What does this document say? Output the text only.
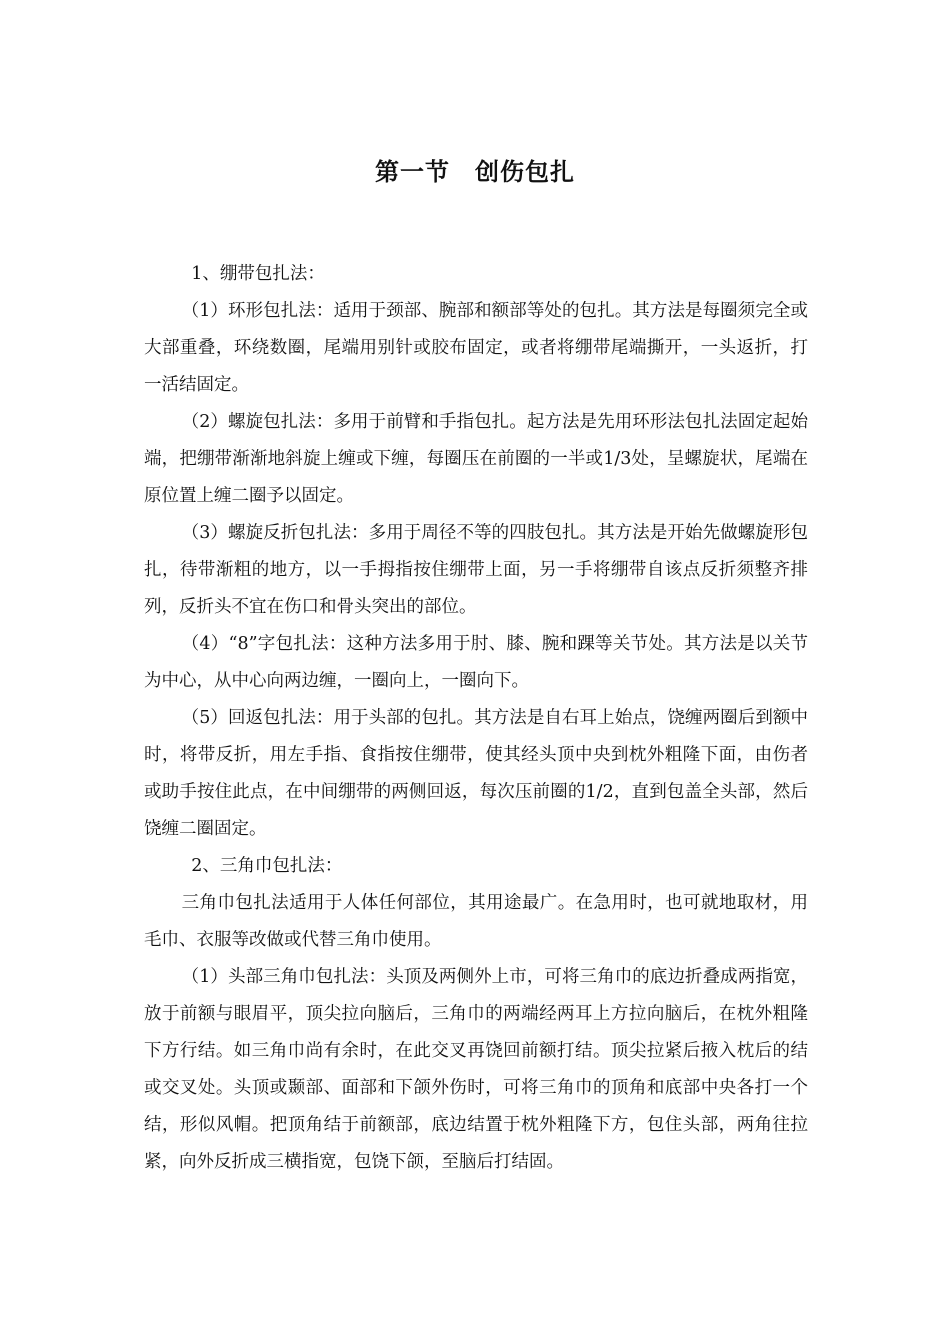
第一节　创伤包扎

1、绷带包扎法：

（1）环形包扎法：适用于颈部、腕部和额部等处的包扎。其方法是每圈须完全或大部重叠，环绕数圈，尾端用别针或胶布固定，或者将绷带尾端撕开，一头返折，打一活结固定。

（2）螺旋包扎法：多用于前臂和手指包扎。起方法是先用环形法包扎法固定起始端，把绷带渐渐地斜旋上缠或下缠，每圈压在前圈的一半或1/3处，呈螺旋状，尾端在原位置上缠二圈予以固定。

（3）螺旋反折包扎法：多用于周径不等的四肢包扎。其方法是开始先做螺旋形包扎，待带渐粗的地方，以一手拇指按住绷带上面，另一手将绷带自该点反折须整齐排列，反折头不宜在伤口和骨头突出的部位。

（4）“8”字包扎法：这种方法多用于肘、膝、腕和踝等关节处。其方法是以关节为中心，从中心向两边缠，一圈向上，一圈向下。

（5）回返包扎法：用于头部的包扎。其方法是自右耳上始点，饶缠两圈后到额中时，将带反折，用左手指、食指按住绷带，使其经头顶中央到枕外粗隆下面，由伤者或助手按住此点，在中间绷带的两侧回返，每次压前圈的1/2，直到包盖全头部，然后饶缠二圈固定。

2、三角巾包扎法：

三角巾包扎法适用于人体任何部位，其用途最广。在急用时，也可就地取材，用毛巾、衣服等改做或代替三角巾使用。

（1）头部三角巾包扎法：头顶及两侧外上市，可将三角巾的底边折叠成两指宽，放于前额与眼眉平，顶尖拉向脑后，三角巾的两端经两耳上方拉向脑后，在枕外粗隆下方行结。如三角巾尚有余时，在此交叉再饶回前额打结。顶尖拉紧后掖入枕后的结或交叉处。头顶或颞部、面部和下颌外伤时，可将三角巾的顶角和底部中央各打一个结，形似风帽。把顶角结于前额部，底边结置于枕外粗隆下方，包住头部，两角往拉紧，向外反折成三横指宽，包饶下颌，至脑后打结固。
